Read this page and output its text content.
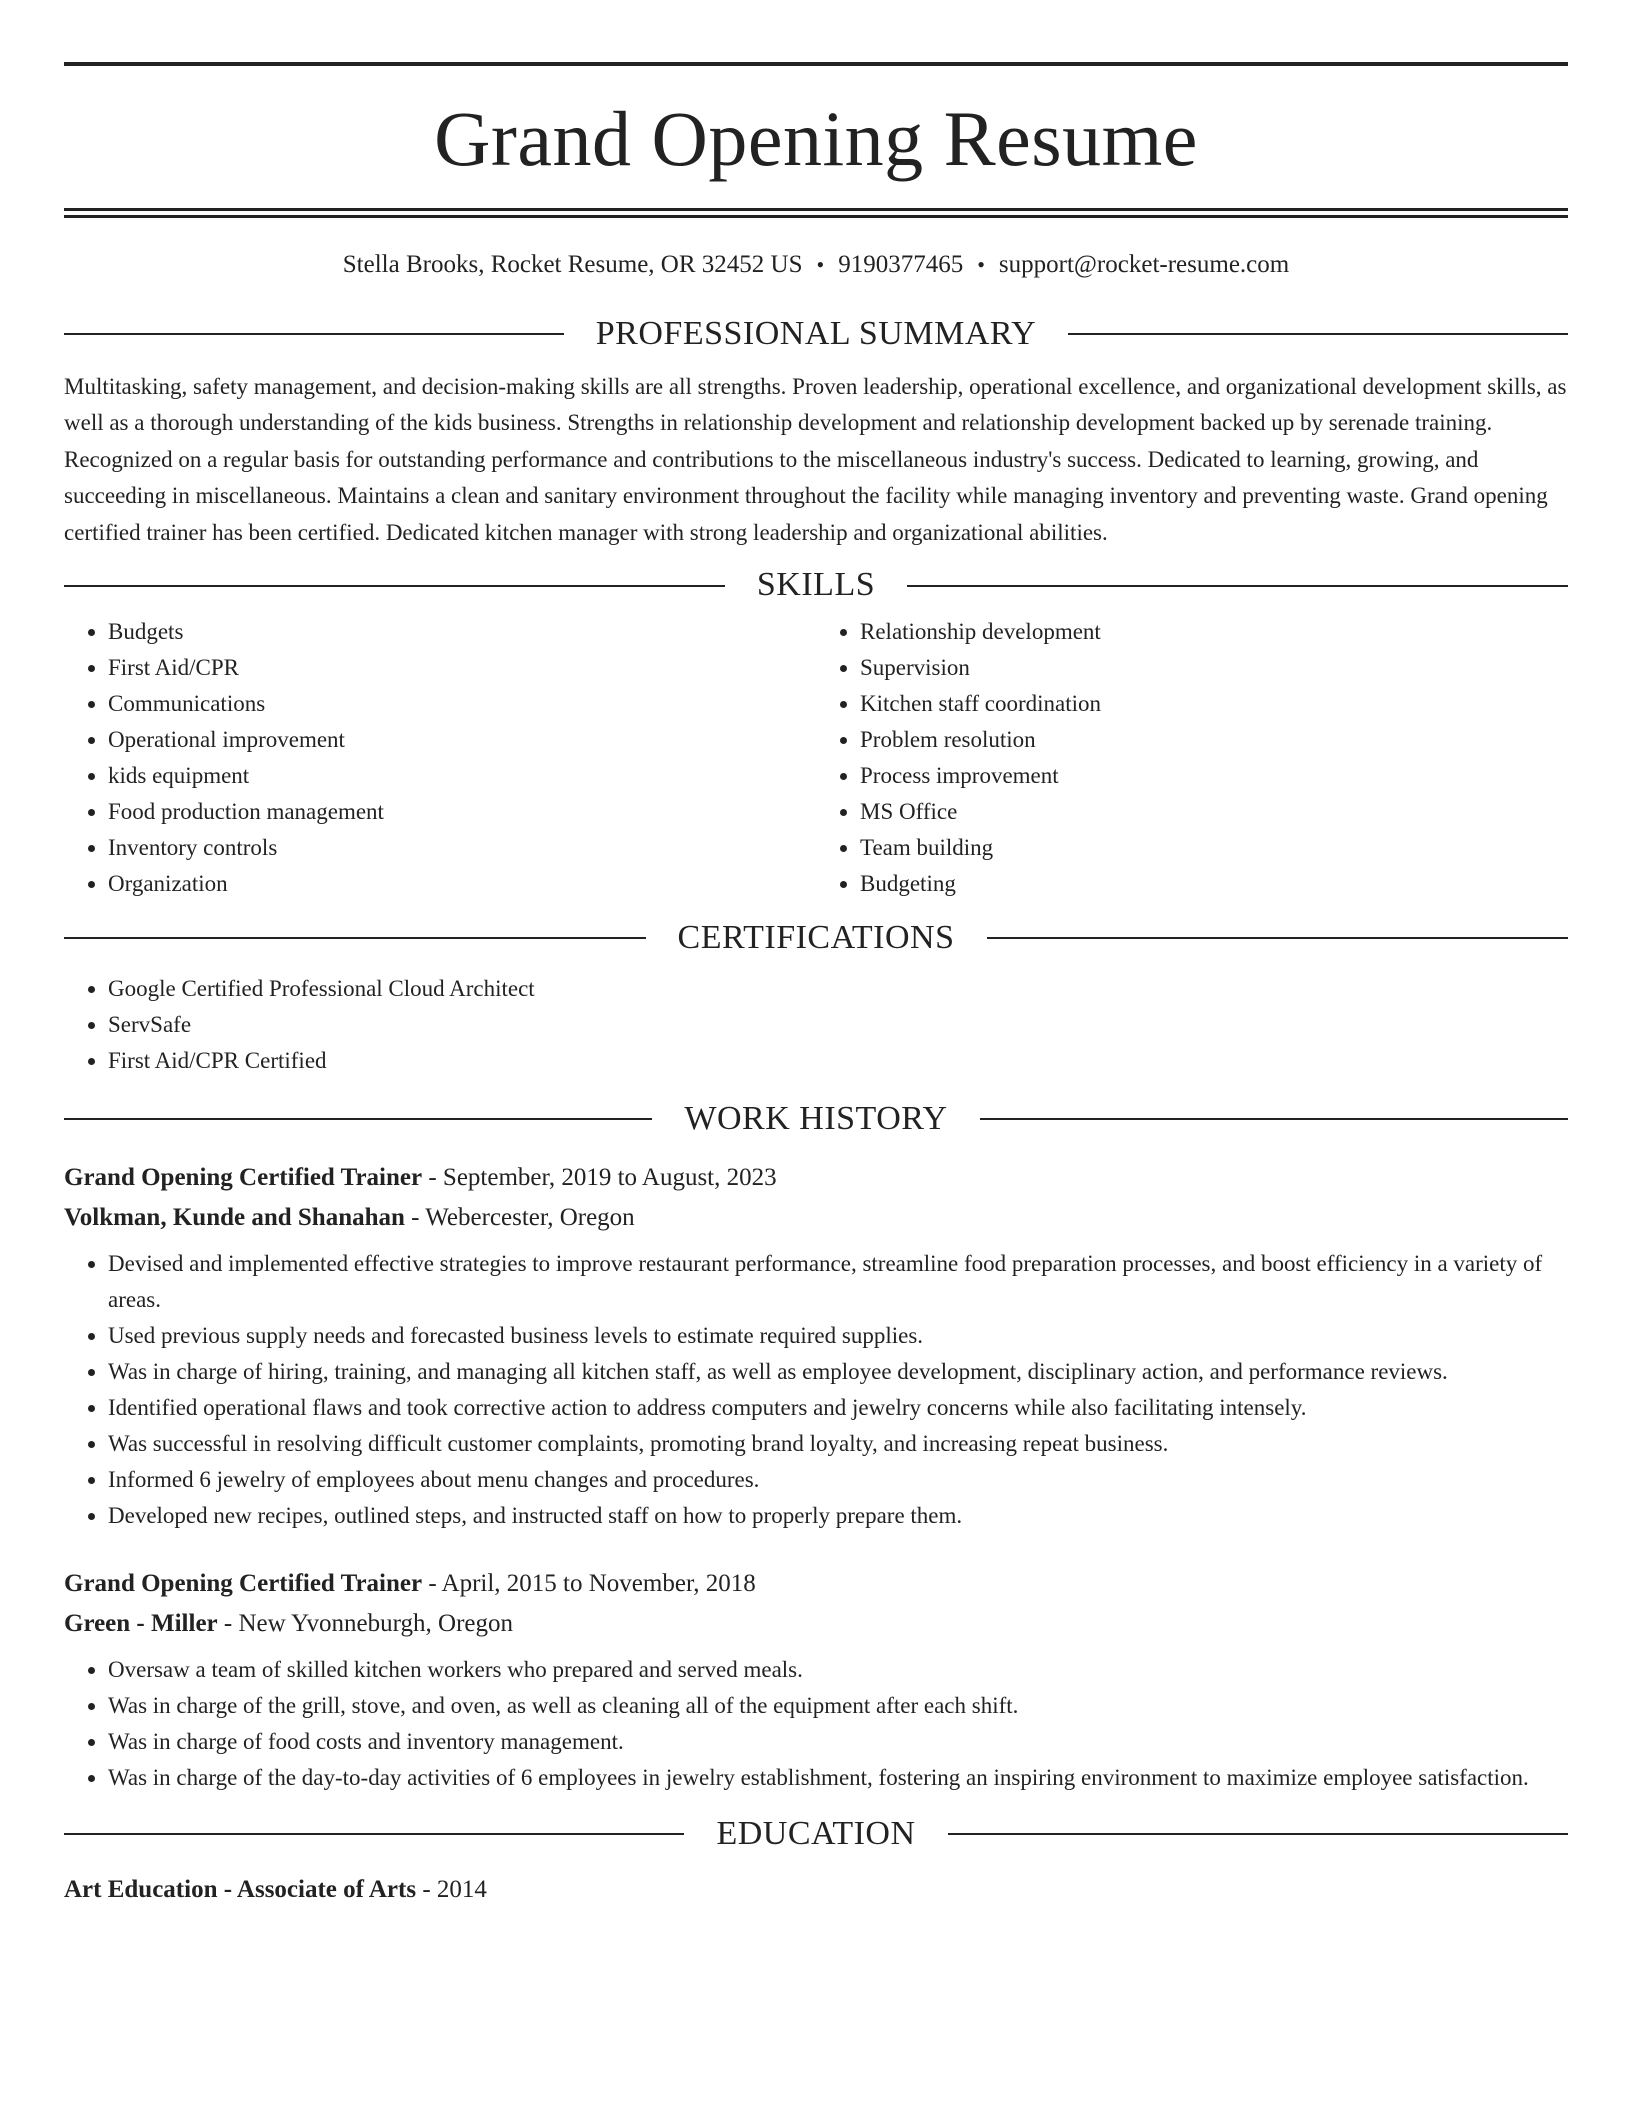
Grand Opening Resume
Stella Brooks, Rocket Resume, OR 32452 US • 9190377465 • support@rocket-resume.com
PROFESSIONAL SUMMARY

Multitasking, safety management, and decision-making skills are all strengths. Proven leadership, operational excellence, and organizational development skills, as well as a thorough understanding of the kids business. Strengths in relationship development and relationship development backed up by serenade training. Recognized on a regular basis for outstanding performance and contributions to the miscellaneous industry's success. Dedicated to learning, growing, and succeeding in miscellaneous. Maintains a clean and sanitary environment throughout the facility while managing inventory and preventing waste. Grand opening certified trainer has been certified. Dedicated kitchen manager with strong leadership and organizational abilities.

SKILLS
• Budgets
• First Aid/CPR
• Communications
• Operational improvement
• kids equipment
• Food production management
• Inventory controls
• Organization
• Relationship development
• Supervision
• Kitchen staff coordination
• Problem resolution
• Process improvement
• MS Office
• Team building
• Budgeting
CERTIFICATIONS
• Google Certified Professional Cloud Architect
• ServSafe
• First Aid/CPR Certified
WORK HISTORY
Grand Opening Certified Trainer - September, 2019 to August, 2023
Volkman, Kunde and Shanahan - Webercester, Oregon
• Devised and implemented effective strategies to improve restaurant performance, streamline food preparation processes, and boost efficiency in a variety of areas.
• Used previous supply needs and forecasted business levels to estimate required supplies.
• Was in charge of hiring, training, and managing all kitchen staff, as well as employee development, disciplinary action, and performance reviews.
• Identified operational flaws and took corrective action to address computers and jewelry concerns while also facilitating intensely.
• Was successful in resolving difficult customer complaints, promoting brand loyalty, and increasing repeat business.
• Informed 6 jewelry of employees about menu changes and procedures.
• Developed new recipes, outlined steps, and instructed staff on how to properly prepare them.
Grand Opening Certified Trainer - April, 2015 to November, 2018
Green - Miller - New Yvonneburgh, Oregon
• Oversaw a team of skilled kitchen workers who prepared and served meals.
• Was in charge of the grill, stove, and oven, as well as cleaning all of the equipment after each shift.
• Was in charge of food costs and inventory management.
• Was in charge of the day-to-day activities of 6 employees in jewelry establishment, fostering an inspiring environment to maximize employee satisfaction.
EDUCATION
Art Education - Associate of Arts - 2014
